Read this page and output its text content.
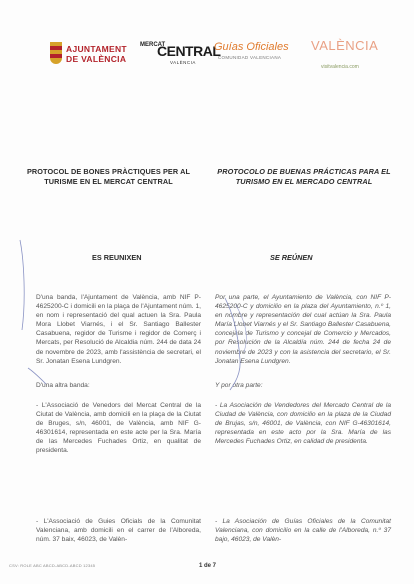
AJUNTAMENT
DE VALÈNCIA
MERCAT
CENTRAL
VALÈNCIA
Guías Oficiales
COMUNIDAD VALENCIANA
VALÈNCIA
visitvalencia.com
PROTOCOL DE BONES PRÀCTIQUES PER AL TURISME EN EL MERCAT CENTRAL
PROTOCOLO DE BUENAS PRÁCTICAS PARA EL TURISMO EN EL MERCADO CENTRAL
ES REUNIXEN	SE REÚNEN
D'una banda, l'Ajuntament de València, amb NIF P-4625200-C i domicili en la plaça de l'Ajuntament núm. 1, en nom i representació del qual actuen la Sra. Paula Mora Llobet Viarnés, i el Sr. Santiago Ballester Casabuena, regidor de Turisme i regidor de Comerç i Mercats, per Resolució de Alcaldia núm. 244 de data 24 de novembre de 2023, amb l'assistència de secretari, el Sr. Jonatan Esena Lundgren.
D'una altra banda:
- L'Associació de Venedors del Mercat Central de la Ciutat de València, amb domicili en la plaça de la Ciutat de Bruges, s/n, 46001, de València, amb NIF G-46301614, representada en este acte per la Sra. María de las Mercedes Fuchades Ortiz, en qualitat de presidenta.
- L'Associació de Guies Oficials de la Comunitat Valenciana, amb domicili en el carrer de l'Alboreda, núm. 37 baix, 46023, de Valèn-
Por una parte, el Ayuntamiento de València, con NIF P-4625200-C y domicilio en la plaza del Ayuntamiento, n.º 1, en nombre y representación del cual actúan la Sra. Paula María Llobet Viarnés y el Sr. Santiago Ballester Casabuena, concejala de Turismo y concejal de Comercio y Mercados, por Resolución de la Alcaldía núm. 244 de fecha 24 de noviembre de 2023 y con la asistencia del secretario, el Sr. Jonatan Esena Lundgren.
Y por otra parte:
- La Asociación de Vendedores del Mercado Central de la Ciudad de València, con domicilio en la plaza de la Ciudad de Brujas, s/n, 46001, de València, con NIF G-46301614, representada en este acto por la Sra. María de las Mercedes Fuchades Ortiz, en calidad de presidenta.
- La Asociación de Guías Oficiales de la Comunitat Valenciana, con domicilio en la calle de l'Alboreda, n.º 37 bajo, 46023, de Valèn-
CSV: ROLE ABC ABCD-ABCD-ABCD 12345	1 de 7
